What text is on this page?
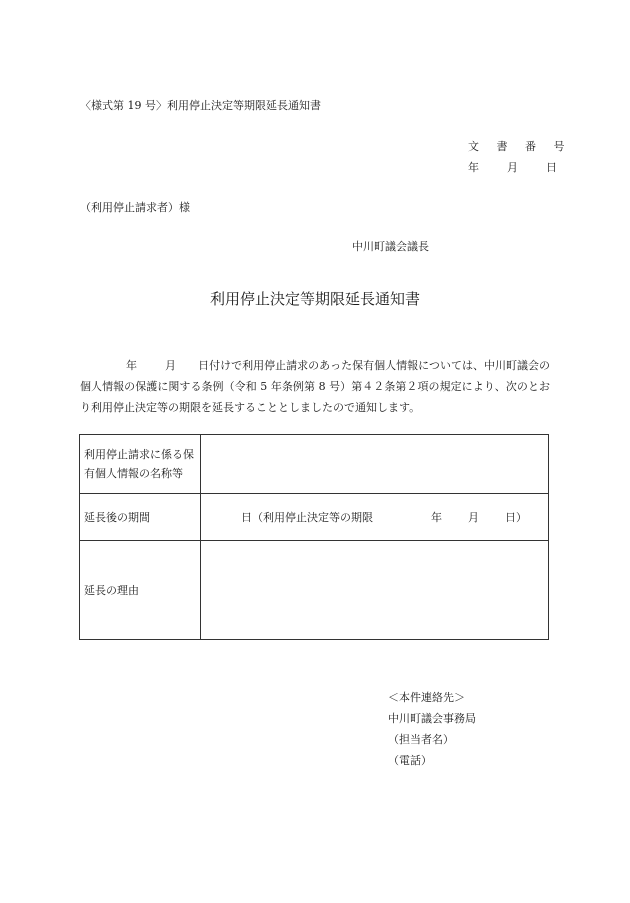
〈様式第 19 号〉利用停止決定等期限延長通知書
文 書 番 号
年	月	日
（利用停止請求者）様
中川町議会議長
利用停止決定等期限延長通知書

年	月 日付けで利用停止請求のあった保有個人情報については、中川町議会の個人情報の保護に関する条例（令和 5 年条例第 8 号）第４２条第２項の規定により、次のとおり利用停止決定等の期限を延長することとしましたので通知します。

利用停止請求に係る保有個人情報の名称等	
延長後の期間	日（利用停止決定等の期限 年 月 日）
延長の理由	
＜本件連絡先＞
中川町議会事務局
（担当者名）
（電話）
